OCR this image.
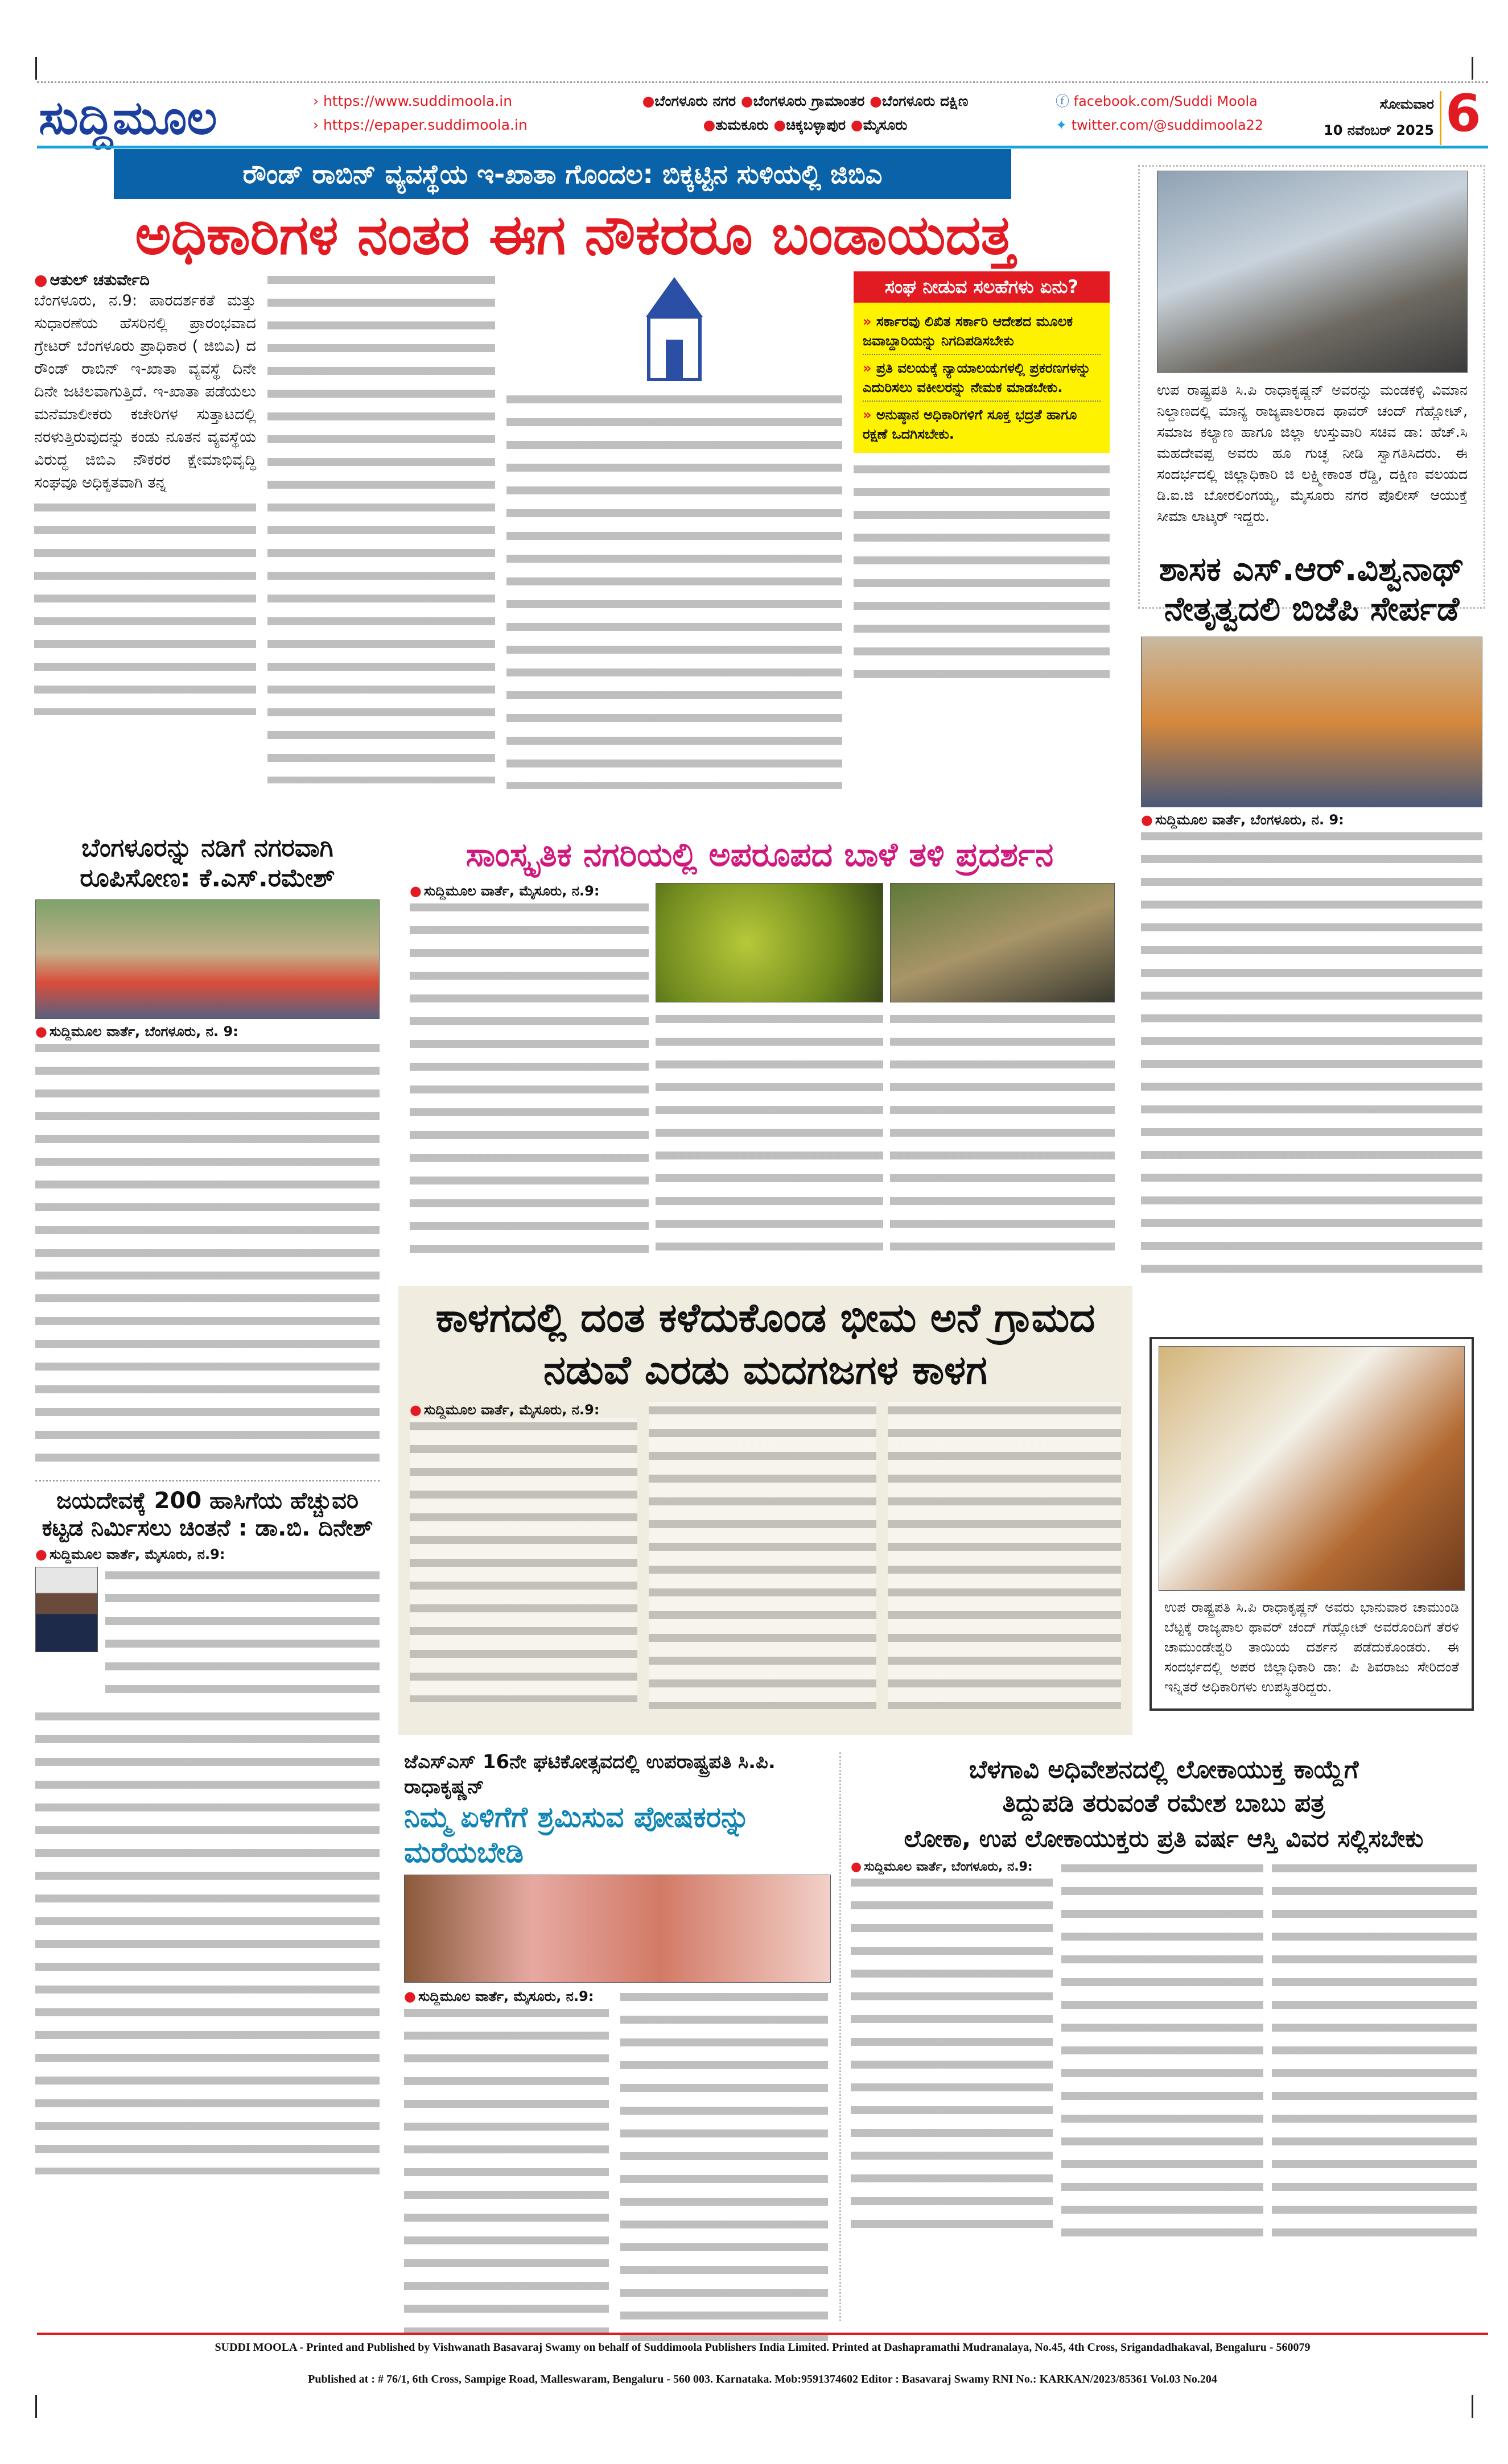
ಸುದ್ದಿಮೂಲ	› https://www.suddimoola.in
› https://epaper.suddimoola.in
●ಬೆಂಗಳೂರು ನಗರ ●ಬೆಂಗಳೂರು ಗ್ರಾಮಾಂತರ ●ಬೆಂಗಳೂರು ದಕ್ಷಿಣ
●ತುಮಕೂರು ●ಚಿಕ್ಕಬಳ್ಳಾಪುರ ●ಮೈಸೂರು
ⓕ facebook.com/Suddi Moola
✦ twitter.com/@suddimoola22
ಸೋಮವಾರ
10 ನವೆಂಬರ್ 2025 6
ರೌಂಡ್ ರಾಬಿನ್ ವ್ಯವಸ್ಥೆಯ ಇ-ಖಾತಾ ಗೊಂದಲ: ಬಿಕ್ಕಟ್ಟಿನ ಸುಳಿಯಲ್ಲಿ ಜಿಬಿಎ
ಅಧಿಕಾರಿಗಳ ನಂತರ ಈಗ ನೌಕರರೂ ಬಂಡಾಯದತ್ತ
● ಆತುಲ್ ಚತುರ್ವೇದಿ
ಬೆಂಗಳೂರು, ನ.9: ಪಾರದರ್ಶಕತೆ ಮತ್ತು ಸುಧಾರಣೆಯ ಹೆಸರಿನಲ್ಲಿ ಪ್ರಾರಂಭವಾದ ಗ್ರೇಟರ್ ಬೆಂಗಳೂರು ಪ್ರಾಧಿಕಾರ ( ಜಿಬಿಎ) ದ ರೌಂಡ್ ರಾಬಿನ್ ಇ-ಖಾತಾ ವ್ಯವಸ್ಥೆ ದಿನೇ ದಿನೇ ಜಟಿಲವಾಗುತ್ತಿದೆ. ಇ-ಖಾತಾ ಪಡೆಯಲು ಮನೆಮಾಲೀಕರು ಕಚೇರಿಗಳ ಸುತ್ತಾಟದಲ್ಲಿ ನರಳುತ್ತಿರುವುದನ್ನು ಕಂಡು ನೂತನ ವ್ಯವಸ್ಥೆಯ ವಿರುದ್ಧ ಜಿಬಿಎ ನೌಕರರ ಕ್ಷೇಮಾಭಿವೃದ್ಧಿ ಸಂಘವೂ ಅಧಿಕೃತವಾಗಿ ತನ್ನ
ಸಂಘ ನೀಡುವ ಸಲಹೆಗಳು ಏನು?
» ಸರ್ಕಾರವು ಲಿಖಿತ ಸರ್ಕಾರಿ ಆದೇಶದ ಮೂಲಕ ಜವಾಬ್ದಾರಿಯನ್ನು ನಿಗದಿಪಡಿಸಬೇಕು
» ಪ್ರತಿ ವಲಯಕ್ಕೆ ನ್ಯಾಯಾಲಯಗಳಲ್ಲಿ ಪ್ರಕರಣಗಳನ್ನು ಎದುರಿಸಲು ವಕೀಲರನ್ನು ನೇಮಕ ಮಾಡಬೇಕು.
» ಅನುಷ್ಠಾನ ಅಧಿಕಾರಿಗಳಿಗೆ ಸೂಕ್ತ ಭದ್ರತೆ ಹಾಗೂ ರಕ್ಷಣೆ ಒದಗಿಸಬೇಕು.
ಉಪ ರಾಷ್ಟ್ರಪತಿ ಸಿ.ಪಿ ರಾಧಾಕೃಷ್ಣನ್ ಅವರನ್ನು ಮಂಡಕಳ್ಳಿ ವಿಮಾನ ನಿಲ್ದಾಣದಲ್ಲಿ ಮಾನ್ಯ ರಾಜ್ಯಪಾಲರಾದ ಥಾವರ್ ಚಂದ್ ಗೆಹ್ಲೋಟ್, ಸಮಾಜ ಕಲ್ಯಾಣ ಹಾಗೂ ಜಿಲ್ಲಾ ಉಸ್ತುವಾರಿ ಸಚಿವ ಡಾ: ಹೆಚ್.ಸಿ ಮಹದೇವಪ್ಪ ಅವರು ಹೂ ಗುಚ್ಛ ನೀಡಿ ಸ್ವಾಗತಿಸಿದರು. ಈ ಸಂದರ್ಭದಲ್ಲಿ ಜಿಲ್ಲಾಧಿಕಾರಿ ಜಿ ಲಕ್ಷ್ಮೀಕಾಂತ ರೆಡ್ಡಿ, ದಕ್ಷಿಣ ವಲಯದ ಡಿ.ಐ.ಜಿ ಬೋರಲಿಂಗಯ್ಯ, ಮೈಸೂರು ನಗರ ಪೊಲೀಸ್ ಆಯುಕ್ತೆ ಸೀಮಾ ಲಾಟ್ಕರ್ ಇದ್ದರು.
ಶಾಸಕ ಎಸ್.ಆರ್.ವಿಶ್ವನಾಥ್ ನೇತೃತ್ವದಲಿ ಬಿಜೆಪಿ ಸೇರ್ಪಡೆ
● ಸುದ್ದಿಮೂಲ ವಾರ್ತೆ, ಬೆಂಗಳೂರು, ನ. 9:
ಉಪ ರಾಷ್ಟ್ರಪತಿ ಸಿ.ಪಿ ರಾಧಾಕೃಷ್ಣನ್ ಅವರು ಭಾನುವಾರ ಚಾಮುಂಡಿ ಬೆಟ್ಟಕ್ಕೆ ರಾಜ್ಯಪಾಲ ಥಾವರ್ ಚಂದ್ ಗೆಹ್ಲೋಟ್ ಅವರೊಂದಿಗೆ ತೆರಳಿ ಚಾಮುಂಡೇಶ್ವರಿ ತಾಯಿಯ ದರ್ಶನ ಪಡೆದುಕೊಂಡರು. ಈ ಸಂದರ್ಭದಲ್ಲಿ ಅಪರ ಜಿಲ್ಲಾಧಿಕಾರಿ ಡಾ: ಪಿ ಶಿವರಾಜು ಸೇರಿದಂತೆ ಇನ್ನಿತರೆ ಅಧಿಕಾರಿಗಳು ಉಪಸ್ಥಿತರಿದ್ದರು.
ಬೆಂಗಳೂರನ್ನು ನಡಿಗೆ ನಗರವಾಗಿ ರೂಪಿಸೋಣ: ಕೆ.ಎಸ್.ರಮೇಶ್
● ಸುದ್ದಿಮೂಲ ವಾರ್ತೆ, ಬೆಂಗಳೂರು, ನ. 9:
ಜಯದೇವಕ್ಕೆ 200 ಹಾಸಿಗೆಯ ಹೆಚ್ಚುವರಿ ಕಟ್ಟಡ ನಿರ್ಮಿಸಲು ಚಿಂತನೆ : ಡಾ.ಬಿ. ದಿನೇಶ್
● ಸುದ್ದಿಮೂಲ ವಾರ್ತೆ, ಮೈಸೂರು, ನ.9:
ಸಾಂಸ್ಕೃತಿಕ ನಗರಿಯಲ್ಲಿ ಅಪರೂಪದ ಬಾಳೆ ತಳಿ ಪ್ರದರ್ಶನ
● ಸುದ್ದಿಮೂಲ ವಾರ್ತೆ, ಮೈಸೂರು, ನ.9:
ಕಾಳಗದಲ್ಲಿ ದಂತ ಕಳೆದುಕೊಂಡ ಭೀಮ ಅನೆ ಗ್ರಾಮದ ನಡುವೆ ಎರಡು ಮದಗಜಗಳ ಕಾಳಗ
● ಸುದ್ದಿಮೂಲ ವಾರ್ತೆ, ಮೈಸೂರು, ನ.9:
ಜೆಎಸ್ಎಸ್ 16ನೇ ಘಟಿಕೋತ್ಸವದಲ್ಲಿ ಉಪರಾಷ್ಟ್ರಪತಿ ಸಿ.ಪಿ. ರಾಧಾಕೃಷ್ಣನ್
ನಿಮ್ಮ ಏಳಿಗೆಗೆ ಶ್ರಮಿಸುವ ಪೋಷಕರನ್ನು ಮರೆಯಬೇಡಿ
● ಸುದ್ದಿಮೂಲ ವಾರ್ತೆ, ಮೈಸೂರು, ನ.9:
ಬೆಳಗಾವಿ ಅಧಿವೇಶನದಲ್ಲಿ ಲೋಕಾಯುಕ್ತ ಕಾಯ್ದೆಗೆ
ತಿದ್ದುಪಡಿ ತರುವಂತೆ ರಮೇಶ ಬಾಬು ಪತ್ರ
ಲೋಕಾ, ಉಪ ಲೋಕಾಯುಕ್ತರು ಪ್ರತಿ ವರ್ಷ ಆಸ್ತಿ ವಿವರ ಸಲ್ಲಿಸಬೇಕು
● ಸುದ್ದಿಮೂಲ ವಾರ್ತೆ, ಬೆಂಗಳೂರು, ನ.9:
SUDDI MOOLA - Printed and Published by Vishwanath Basavaraj Swamy on behalf of Suddimoola Publishers India Limited. Printed at Dashapramathi Mudranalaya, No.45, 4th Cross, Srigandadhakaval, Bengaluru - 560079
Published at : # 76/1, 6th Cross, Sampige Road, Malleswaram, Bengaluru - 560 003. Karnataka. Mob:9591374602 Editor : Basavaraj Swamy RNI No.: KARKAN/2023/85361 Vol.03 No.204
